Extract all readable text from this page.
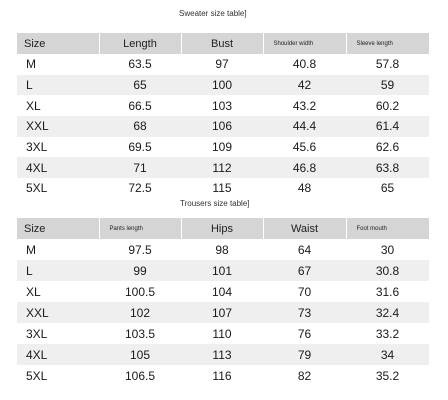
Sweater size table]
Size	Length	Bust	Shoulder width	Sleeve length
M	63.5	97	40.8	57.8
L	65	100	42	59
XL	66.5	103	43.2	60.2
XXL	68	106	44.4	61.4
3XL	69.5	109	45.6	62.6
4XL	71	112	46.8	63.8
5XL	72.5	115	48	65
Trousers size table]
Size	Pants length	Hips	Waist	Foot mouth
M	97.5	98	64	30
L	99	101	67	30.8
XL	100.5	104	70	31.6
XXL	102	107	73	32.4
3XL	103.5	110	76	33.2
4XL	105	113	79	34
5XL	106.5	116	82	35.2
